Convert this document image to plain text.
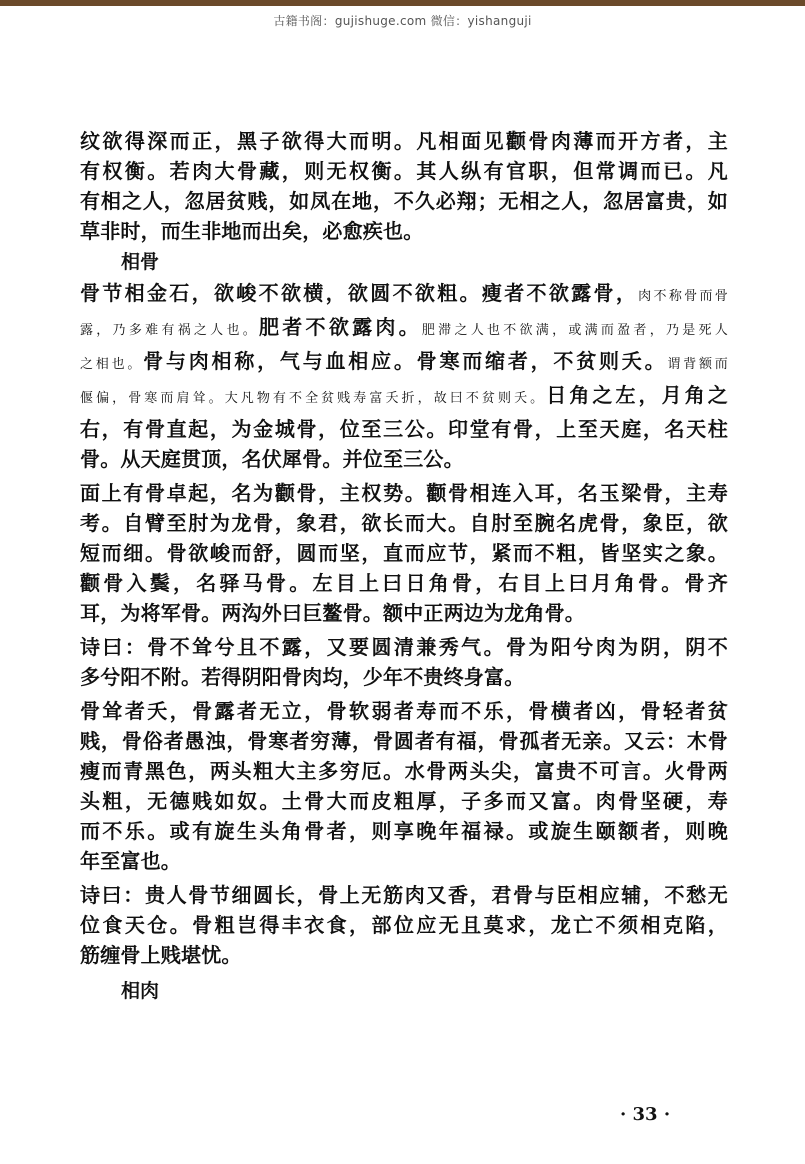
古籍书阁：gujishuge.com 微信：yishanguji
纹欲得深而正，黑子欲得大而明。凡相面见颧骨肉薄而开方者，主
有权衡。若肉大骨藏，则无权衡。其人纵有官职，但常调而已。凡
有相之人，忽居贫贱，如凤在地，不久必翔；无相之人，忽居富贵，如
草非时，而生非地而出矣，必愈疾也。
相骨
骨节相金石，欲峻不欲横，欲圆不欲粗。瘦者不欲露骨，肉不称骨而骨
露，乃多难有祸之人也。肥者不欲露肉。肥滞之人也不欲满，或满而盈者，乃是死人
之相也。骨与肉相称，气与血相应。骨寒而缩者，不贫则夭。谓背额而
偃偏，骨寒而肩耸。大凡物有不全贫贱寿富夭折，故曰不贫则夭。日角之左，月角之
右，有骨直起，为金城骨，位至三公。印堂有骨，上至天庭，名天柱
骨。从天庭贯顶，名伏犀骨。并位至三公。
面上有骨卓起，名为颧骨，主权势。颧骨相连入耳，名玉梁骨，主寿
考。自臂至肘为龙骨，象君，欲长而大。自肘至腕名虎骨，象臣，欲
短而细。骨欲峻而舒，圆而坚，直而应节，紧而不粗，皆坚实之象。
颧骨入鬓，名驿马骨。左目上曰日角骨，右目上曰月角骨。骨齐
耳，为将军骨。两沟外曰巨鳌骨。额中正两边为龙角骨。
诗曰：骨不耸兮且不露，又要圆清兼秀气。骨为阳兮肉为阴，阴不
多兮阳不附。若得阴阳骨肉均，少年不贵终身富。
骨耸者夭，骨露者无立，骨软弱者寿而不乐，骨横者凶，骨轻者贫
贱，骨俗者愚浊，骨寒者穷薄，骨圆者有福，骨孤者无亲。又云：木骨
瘦而青黑色，两头粗大主多穷厄。水骨两头尖，富贵不可言。火骨两
头粗，无德贱如奴。土骨大而皮粗厚，子多而又富。肉骨坚硬，寿
而不乐。或有旋生头角骨者，则享晚年福禄。或旋生颐额者，则晚
年至富也。
诗曰：贵人骨节细圆长，骨上无筋肉又香，君骨与臣相应辅，不愁无
位食天仓。骨粗岂得丰衣食，部位应无且莫求，龙亡不须相克陷，
筋缠骨上贱堪忧。
相肉
· 33 ·
